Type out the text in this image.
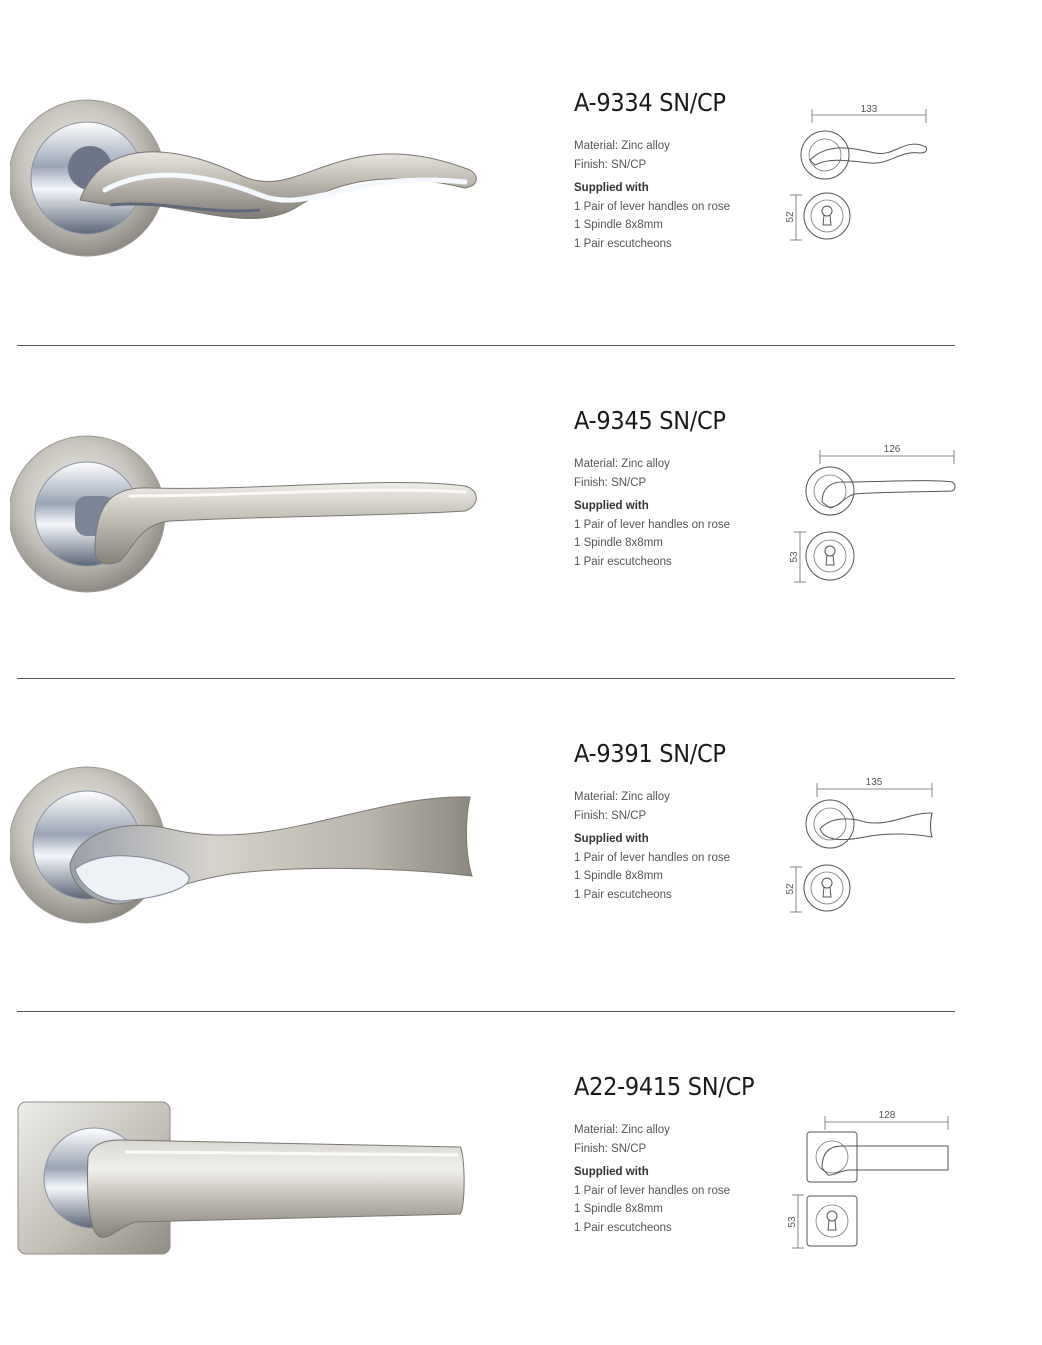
A-9334 SN/CP
Material: Zinc alloy
Finish: SN/CP
Supplied with
1 Pair of lever handles on rose
1 Spindle 8x8mm
1 Pair escutcheons
133
52
A-9345 SN/CP
Material: Zinc alloy
Finish: SN/CP
Supplied with
1 Pair of lever handles on rose
1 Spindle 8x8mm
1 Pair escutcheons
126
53
A-9391 SN/CP
Material: Zinc alloy
Finish: SN/CP
Supplied with
1 Pair of lever handles on rose
1 Spindle 8x8mm
1 Pair escutcheons
135
52
A22-9415 SN/CP
Material: Zinc alloy
Finish: SN/CP
Supplied with
1 Pair of lever handles on rose
1 Spindle 8x8mm
1 Pair escutcheons
128
53
